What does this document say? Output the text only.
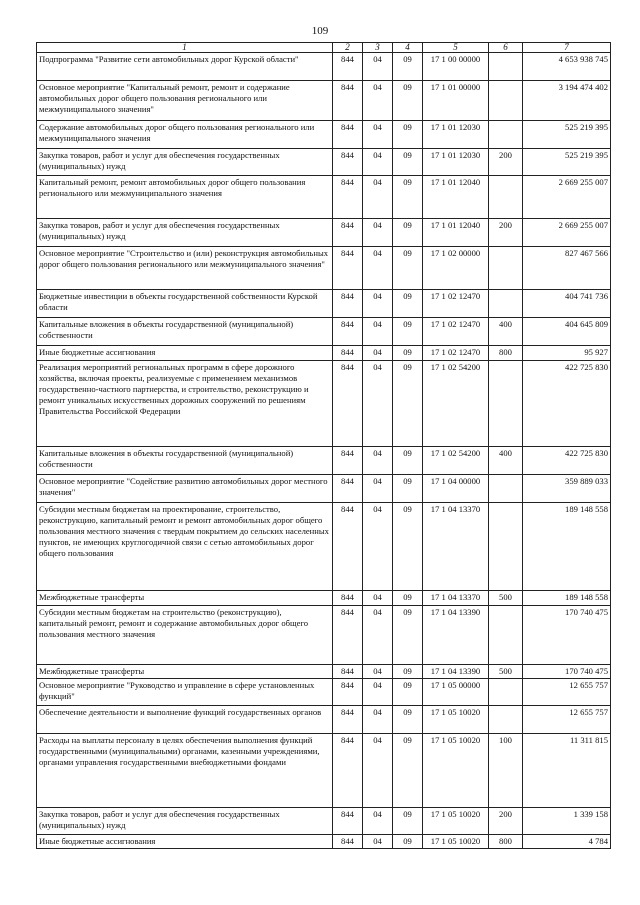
109
1	2	3	4	5	6	7
Подпрограмма "Развитие сети автомобильных дорог Курской области"	844	04	09	17 1 00 00000		4 653 938 745
Основное мероприятие "Капитальный ремонт, ремонт и содержание автомобильных дорог общего пользования регионального или межмуниципального значения"	844	04	09	17 1 01 00000		3 194 474 402
Содержание автомобильных дорог общего пользования регионального или межмуниципального значения	844	04	09	17 1 01 12030		525 219 395
Закупка товаров, работ и услуг для обеспечения государственных (муниципальных) нужд	844	04	09	17 1 01 12030	200	525 219 395
Капитальный ремонт, ремонт автомобильных дорог общего пользования регионального или межмуниципального значения	844	04	09	17 1 01 12040		2 669 255 007
Закупка товаров, работ и услуг для обеспечения государственных (муниципальных) нужд	844	04	09	17 1 01 12040	200	2 669 255 007
Основное мероприятие "Строительство и (или) реконструкция автомобильных дорог общего пользования регионального или межмуниципального значения"	844	04	09	17 1 02 00000		827 467 566
Бюджетные инвестиции в объекты государственной собственности Курской области	844	04	09	17 1 02 12470		404 741 736
Капитальные вложения в объекты государственной (муниципальной) собственности	844	04	09	17 1 02 12470	400	404 645 809
Иные бюджетные ассигнования	844	04	09	17 1 02 12470	800	95 927
Реализация мероприятий региональных программ в сфере дорожного хозяйства, включая проекты, реализуемые с применением механизмов государственно-частного партнерства, и строительство, реконструкцию и ремонт уникальных искусственных дорожных сооружений по решениям Правительства Российской Федерации	844	04	09	17 1 02 54200		422 725 830
Капитальные вложения в объекты государственной (муниципальной) собственности	844	04	09	17 1 02 54200	400	422 725 830
Основное мероприятие "Содействие развитию автомобильных дорог местного значения"	844	04	09	17 1 04 00000		359 889 033
Субсидии местным бюджетам на проектирование, строительство, реконструкцию, капитальный ремонт и ремонт автомобильных дорог общего пользования местного значения с твердым покрытием до сельских населенных пунктов, не имеющих круглогодичной связи с сетью автомобильных дорог общего пользования	844	04	09	17 1 04 13370		189 148 558
Межбюджетные трансферты	844	04	09	17 1 04 13370	500	189 148 558
Субсидии местным бюджетам на строительство (реконструкцию), капитальный ремонт, ремонт и содержание автомобильных дорог общего пользования местного значения	844	04	09	17 1 04 13390		170 740 475
Межбюджетные трансферты	844	04	09	17 1 04 13390	500	170 740 475
Основное мероприятие "Руководство и управление в сфере установленных функций"	844	04	09	17 1 05 00000		12 655 757
Обеспечение деятельности и выполнение функций государственных органов	844	04	09	17 1 05 10020		12 655 757
Расходы на выплаты персоналу в целях обеспечения выполнения функций государственными (муниципальными) органами, казенными учреждениями, органами управления государственными внебюджетными фондами	844	04	09	17 1 05 10020	100	11 311 815
Закупка товаров, работ и услуг для обеспечения государственных (муниципальных) нужд	844	04	09	17 1 05 10020	200	1 339 158
Иные бюджетные ассигнования	844	04	09	17 1 05 10020	800	4 784
